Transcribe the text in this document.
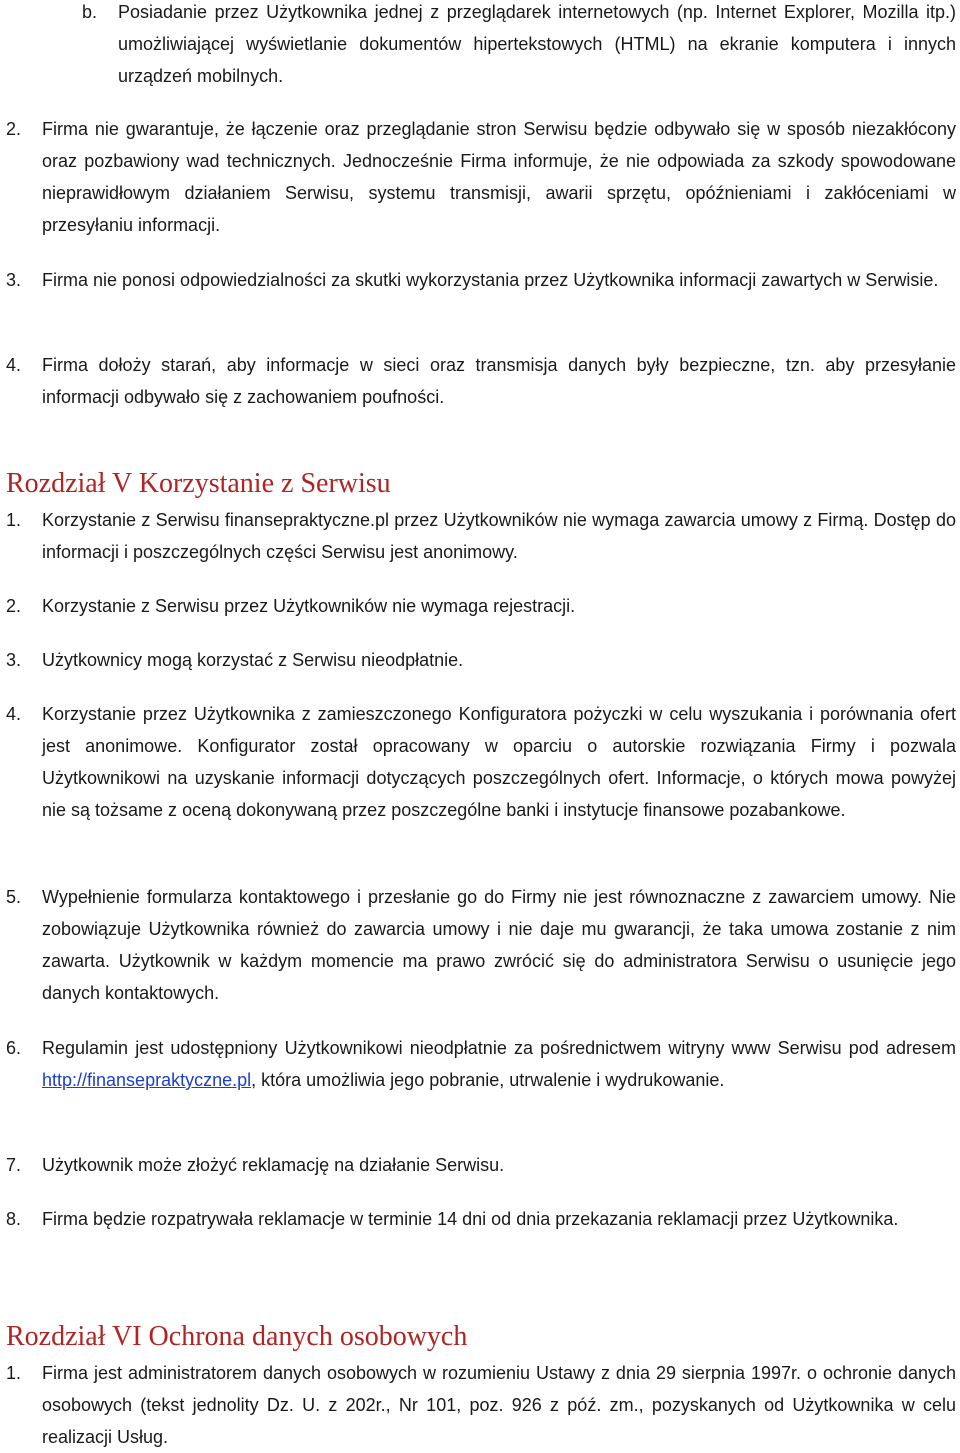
b.	Posiadanie przez Użytkownika jednej z przeglądarek internetowych (np. Internet Explorer, Mozilla itp.) umożliwiającej wyświetlanie dokumentów hipertekstowych (HTML) na ekranie komputera i innych urządzeń mobilnych.
2.	Firma nie gwarantuje, że łączenie oraz przeglądanie stron Serwisu będzie odbywało się w sposób niezakłócony oraz pozbawiony wad technicznych. Jednocześnie Firma informuje, że nie odpowiada za szkody spowodowane nieprawidłowym działaniem Serwisu, systemu transmisji, awarii sprzętu, opóźnieniami i zakłóceniami w przesyłaniu informacji.
3.	Firma nie ponosi odpowiedzialności za skutki wykorzystania przez Użytkownika informacji zawartych w Serwisie.
4.	Firma dołoży starań, aby informacje w sieci oraz transmisja danych były bezpieczne, tzn. aby przesyłanie informacji odbywało się z zachowaniem poufności.
Rozdział V Korzystanie z Serwisu
1.	Korzystanie z Serwisu finansepraktyczne.pl przez Użytkowników nie wymaga zawarcia umowy z Firmą. Dostęp do informacji i poszczególnych części Serwisu jest anonimowy.
2.	Korzystanie z Serwisu przez Użytkowników nie wymaga rejestracji.
3.	Użytkownicy mogą korzystać z Serwisu nieodpłatnie.
4.	Korzystanie przez Użytkownika z zamieszczonego Konfiguratora pożyczki w celu wyszukania i porównania ofert jest anonimowe. Konfigurator został opracowany w oparciu o autorskie rozwiązania Firmy i pozwala Użytkownikowi na uzyskanie informacji dotyczących poszczególnych ofert. Informacje, o których mowa powyżej nie są tożsame z oceną dokonywaną przez poszczególne banki i instytucje finansowe pozabankowe.
5.	Wypełnienie formularza kontaktowego i przesłanie go do Firmy nie jest równoznaczne z zawarciem umowy. Nie zobowiązuje Użytkownika również do zawarcia umowy i nie daje mu gwarancji, że taka umowa zostanie z nim zawarta. Użytkownik w każdym momencie ma prawo zwrócić się do administratora Serwisu o usunięcie jego danych kontaktowych.
6.	Regulamin jest udostępniony Użytkownikowi nieodpłatnie za pośrednictwem witryny www Serwisu pod adresem http://finansepraktyczne.pl, która umożliwia jego pobranie, utrwalenie i wydrukowanie.
7.	Użytkownik może złożyć reklamację na działanie Serwisu.
8.	Firma będzie rozpatrywała reklamacje w terminie 14 dni od dnia przekazania reklamacji przez Użytkownika.
Rozdział VI Ochrona danych osobowych
1.	Firma jest administratorem danych osobowych w rozumieniu Ustawy z dnia 29 sierpnia 1997r. o ochronie danych osobowych (tekst jednolity Dz. U. z 202r., Nr 101, poz. 926 z póź. zm., pozyskanych od Użytkownika w celu realizacji Usług.
